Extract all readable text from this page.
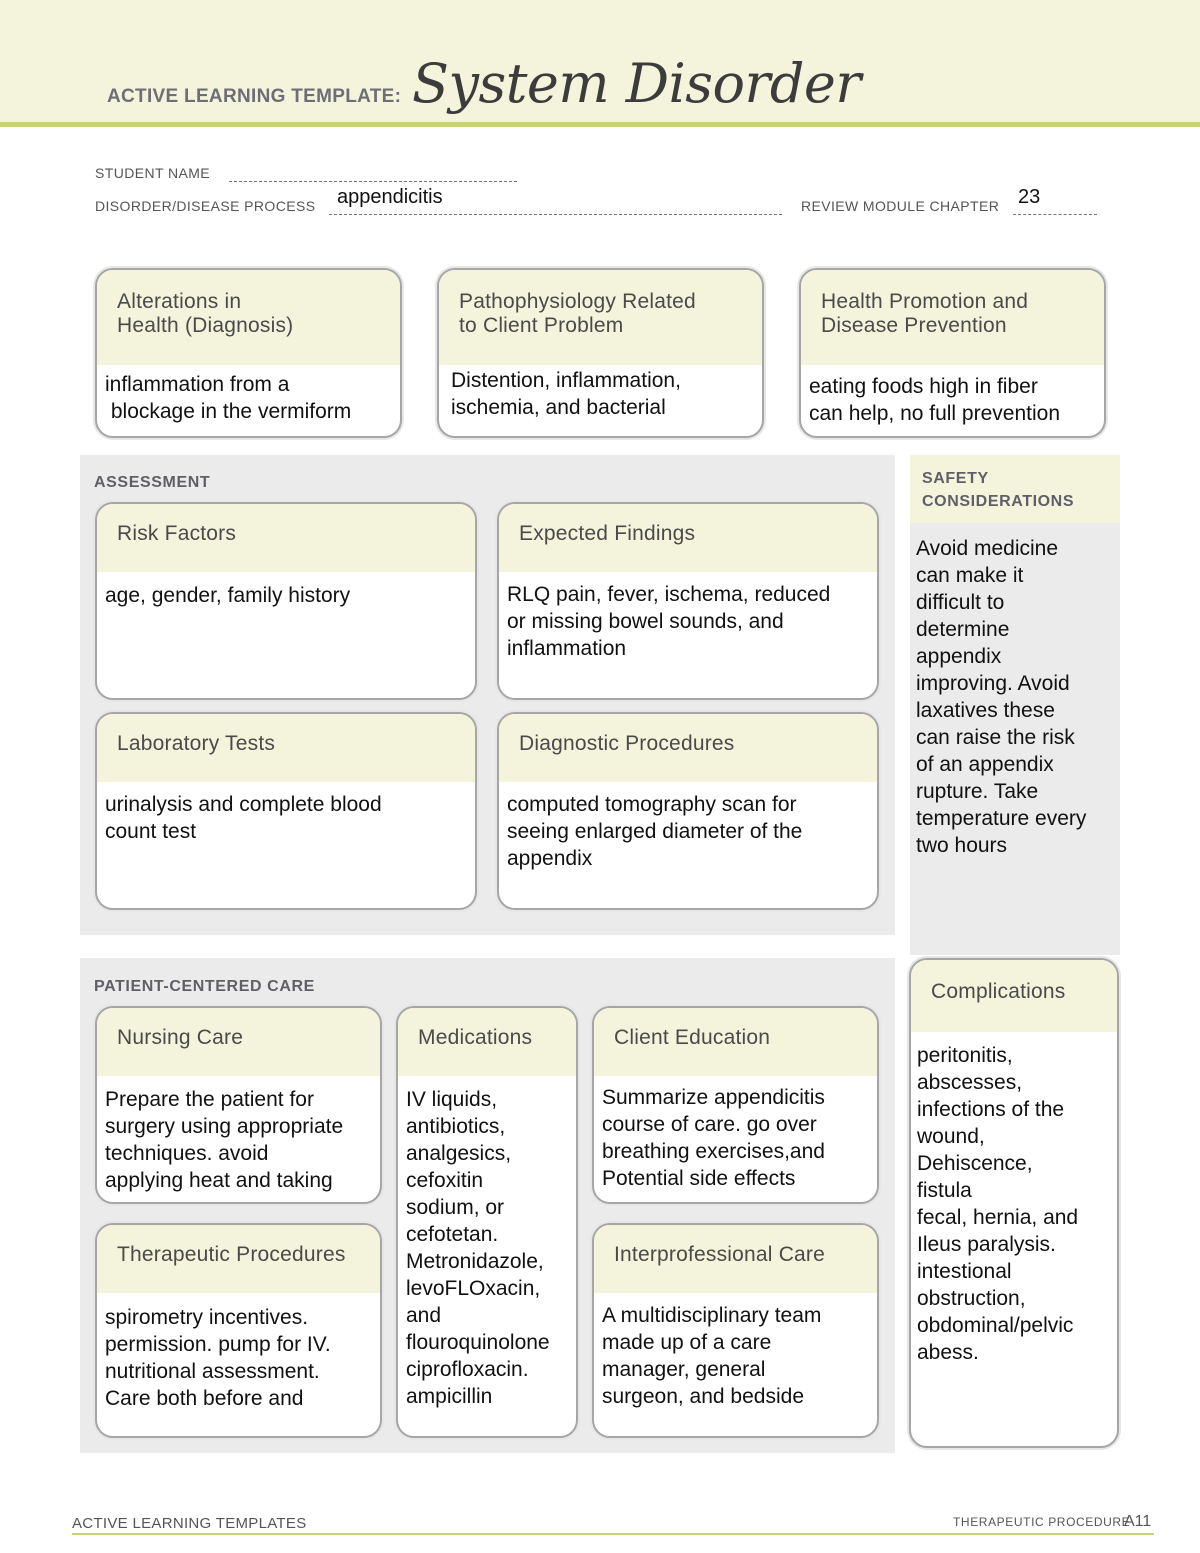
ACTIVE LEARNING TEMPLATE: System Disorder
STUDENT NAME
DISORDER/DISEASE PROCESS appendicitis	REVIEW MODULE CHAPTER 23
Alterations in
Health (Diagnosis)
inflammation from a
blockage in the vermiform
Pathophysiology Related
to Client Problem
Distention, inflammation,
ischemia, and bacterial
Health Promotion and
Disease Prevention
eating foods high in fiber
can help, no full prevention
ASSESSMENT
Risk Factors
age, gender, family history
Expected Findings
RLQ pain, fever, ischema, reduced
or missing bowel sounds, and
inflammation
Laboratory Tests
urinalysis and complete blood
count test
Diagnostic Procedures
computed tomography scan for
seeing enlarged diameter of the
appendix
SAFETY
CONSIDERATIONS
Avoid medicine
can make it
difficult to
determine
appendix
improving. Avoid
laxatives these
can raise the risk
of an appendix
rupture. Take
temperature every
two hours
PATIENT-CENTERED CARE
Nursing Care
Prepare the patient for
surgery using appropriate
techniques. avoid
applying heat and taking
Medications
IV liquids,
antibiotics,
analgesics,
cefoxitin
sodium, or
cefotetan.
Metronidazole,
levoFLOxacin,
and
flouroquinolone
ciprofloxacin.
ampicillin
Client Education
Summarize appendicitis
course of care. go over
breathing exercises,and
Potential side effects
Therapeutic Procedures
spirometry incentives.
permission. pump for IV.
nutritional assessment.
Care both before and
Interprofessional Care
A multidisciplinary team
made up of a care
manager, general
surgeon, and bedside
Complications
peritonitis,
abscesses,
infections of the
wound,
Dehiscence,
fistula
fecal, hernia, and
Ileus paralysis.
intestional
obstruction,
obdominal/pelvic
abess.
ACTIVE LEARNING TEMPLATES	THERAPEUTIC PROCEDURE
A11
